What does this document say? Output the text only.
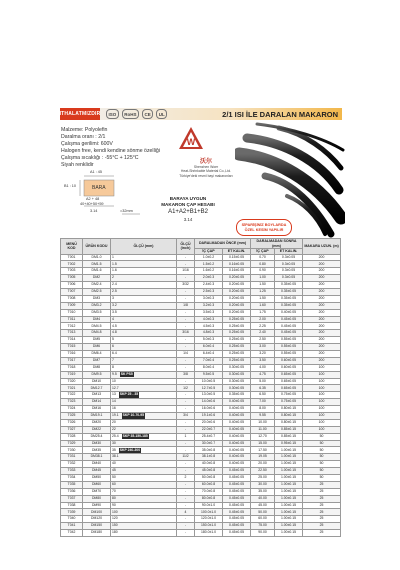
ITHALATMIZDIR	ISO	RoHS	CE	UL	2/1 ISI İLE DARALAN MAKARON
Malzeme: Polyolefin
Daralma oranı : 2/1
Çalışma gerilimi: 600V
Halogen free, kendi kendine sönme özelliği
Çalışma sıcaklığı : -55°C + 125°C
Siyah renklidir
W
沃尔
Shenzhen Woer
Heat-Shrinkable Material Co.,Ltd.
Türkiye'deki resmî bayi makaronları
A1 : 45
B1 : 10	BARA
A2 + 48
40+40+50+59
3.14	=32mm
BARAYA UYGUN
MAKARON ÇAP HESABI
A1+A2+B1+B2
3.14
SİPARİŞİNİZ BOYLARDA
ÖZEL KESİM YAPILIR
MENÜ KOD	ÜRÜN KODU	ÖLÇÜ (mm)	ÖLÇÜ (inch)	DARALMADAN ÖNCE (mm)		DARALMADAN SONRA (mm)		MAKARA UZUN. (m)
				İÇ ÇAP	ET KALIN.	İÇ ÇAP	ET KALIN.	
T001	DM1.0	1	-	1.0±0.2	0.15±0.05	0.70	0.3±0.05	200
T002	DM1.5	1.5	-	1.5±0.2	0.16±0.05	0.80	0.3±0.05	200
T003	DM1.6	1.6	1/16	1.6±0.2	0.16±0.05	0.90	0.3±0.05	200
T005	DM2	2	-	2.0±0.3	0.20±0.05	1.00	0.3±0.05	200
T006	DM2.4	2.4	3/32	2.4±0.3	0.20±0.05	1.50	0.35±0.05	200
T007	DM2.5	2.5	-	2.5±0.3	0.20±0.05	1.25	0.35±0.05	200
T008	DM3	3	-	3.0±0.3	0.20±0.05	1.50	0.35±0.05	200
T009	DM3.2	3.2	1/8	3.2±0.3	0.20±0.05	1.60	0.35±0.05	200
T010	DM3.5	3.5	-	3.5±0.3	0.20±0.05	1.75	0.40±0.05	200
T011	DM4	4	-	4.0±0.3	0.25±0.05	2.00	0.45±0.05	200
T012	DM4.5	4.5	-	4.5±0.3	0.25±0.05	2.25	0.45±0.05	200
T013	DM4.8	4.8	3/16	4.8±0.3	0.25±0.05	2.40	0.45±0.05	200
T014	DM5	5	-	5.0±0.3	0.25±0.05	2.50	0.55±0.05	200
T015	DM6	6	-	6.0±0.4	0.25±0.05	3.00	0.55±0.05	200
T016	DM6.4	6.4	1/4	6.4±0.4	0.25±0.05	3.20	0.55±0.05	200
T017	DM7	7	-	7.0±0.4	0.25±0.05	3.50	0.60±0.05	200
T018	DM8	8	-	8.0±0.4	0.30±0.05	4.00	0.60±0.05	100
T019	DM9.5	9.5 SK PS5	3/8	9.5±0.5	0.30±0.05	4.75	0.65±0.05	100
T020	DM10	10	-	10.0±0.5	0.30±0.05	5.00	0.65±0.05	100
T021	DM12.7	12.7	1/2	12.7±0.5	0.30±0.05	6.35	0.65±0.05	100
T022	DM13	13 SKP 25 - 35	-	13.0±0.5	0.35±0.05	6.50	0.75±0.05	100
T023	DM14	14	-	14.0±0.6	0.40±0.05	7.00	0.75±0.05	100
T024	DM16	16	-	16.0±0.6	0.40±0.05	8.00	0.80±0.15	100
T025	DM19.1	19.1 SKP 10-70-95	3/4	19.1±0.6	0.40±0.05	9.55	0.80±0.15	100
T026	DM20	20	-	20.0±0.6	0.40±0.05	10.00	0.80±0.15	100
T027	DM22	22	-	22.0±0.7	0.40±0.05	11.00	0.85±0.15	100
T028	DM25.4	25.4 SKP 35-150-185	1	25.4±0.7	0.40±0.05	12.70	0.85±0.15	50
T029	DM30	30	-	30.0±0.7	0.40±0.05	15.00	0.95±0.15	50
T030	DM35	35 SKP 240-300	-	35.0±0.8	0.40±0.05	17.50	1.00±0.15	50
T031	DM38.1	38.1	11/2	38.1±0.8	0.40±0.05	19.05	1.00±0.15	50
T032	DM40	40	-	40.0±0.8	0.40±0.05	20.00	1.00±0.15	50
T033	DM45	45	-	45.0±0.8	0.45±0.05	22.50	1.00±0.15	50
T034	DM50	50	2	50.0±0.8	0.45±0.05	25.00	1.00±0.15	50
T035	DM60	60	-	60.0±0.8	0.45±0.05	30.00	1.00±0.15	25
T036	DM70	70	-	70.0±0.8	0.45±0.05	35.00	1.00±0.15	25
T037	DM80	80	-	80.0±0.8	0.45±0.05	40.00	1.00±0.15	25
T038	DM90	90	-	90.0±1.0	0.45±0.05	45.00	1.00±0.15	25
T039	DM100	100	4	100.0±1.0	0.45±0.05	50.00	1.00±0.15	25
T040	DM120	120	-	120.0±1.0	0.45±0.05	60.00	1.00±0.15	25
T041	DM150	150	-	150.0±1.0	0.45±0.05	75.00	1.00±0.15	25
T042	DM180	180	-	180.0±1.0	0.45±0.05	90.00	1.00±0.15	25
